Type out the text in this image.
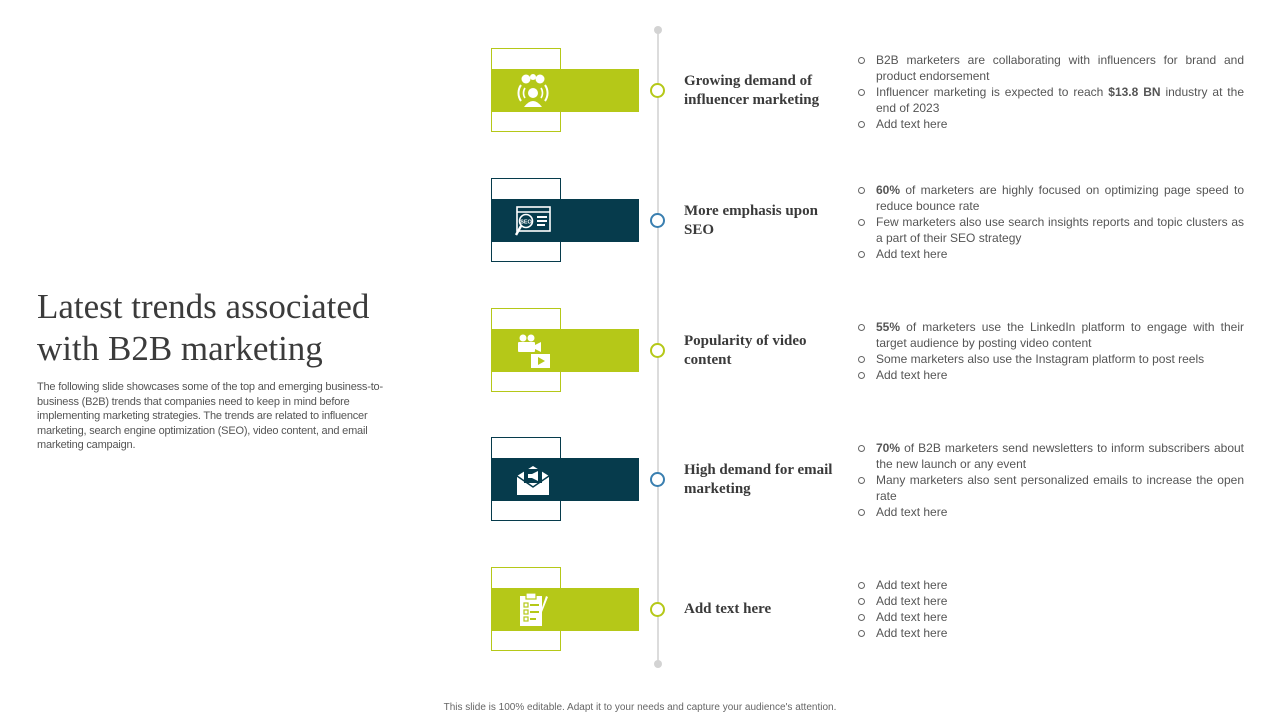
Latest trends associated with B2B marketing
The following slide showcases some of the top and emerging business-to-business (B2B) trends that companies need to keep in mind before implementing marketing strategies. The trends are related to influencer marketing, search engine optimization (SEO), video content, and email marketing campaign.
Growing demand of influencer marketing
B2B marketers are collaborating with influencers for brand and product endorsement
Influencer marketing is expected to reach $13.8 BN industry at the end of 2023
Add text here
SEO
More emphasis upon SEO
60% of marketers are highly focused on optimizing page speed to reduce bounce rate
Few marketers also use search insights reports and topic clusters as a part of their SEO strategy
Add text here
Popularity of video content
55% of marketers use the LinkedIn platform to engage with their target audience by posting video content
Some marketers also use the Instagram platform to post reels
Add text here
High demand for email marketing
70% of B2B marketers send newsletters to inform subscribers about the new launch or any event
Many marketers also sent personalized emails to increase the open rate
Add text here
Add text here
Add text here
Add text here
Add text here
Add text here
This slide is 100% editable. Adapt it to your needs and capture your audience's attention.
